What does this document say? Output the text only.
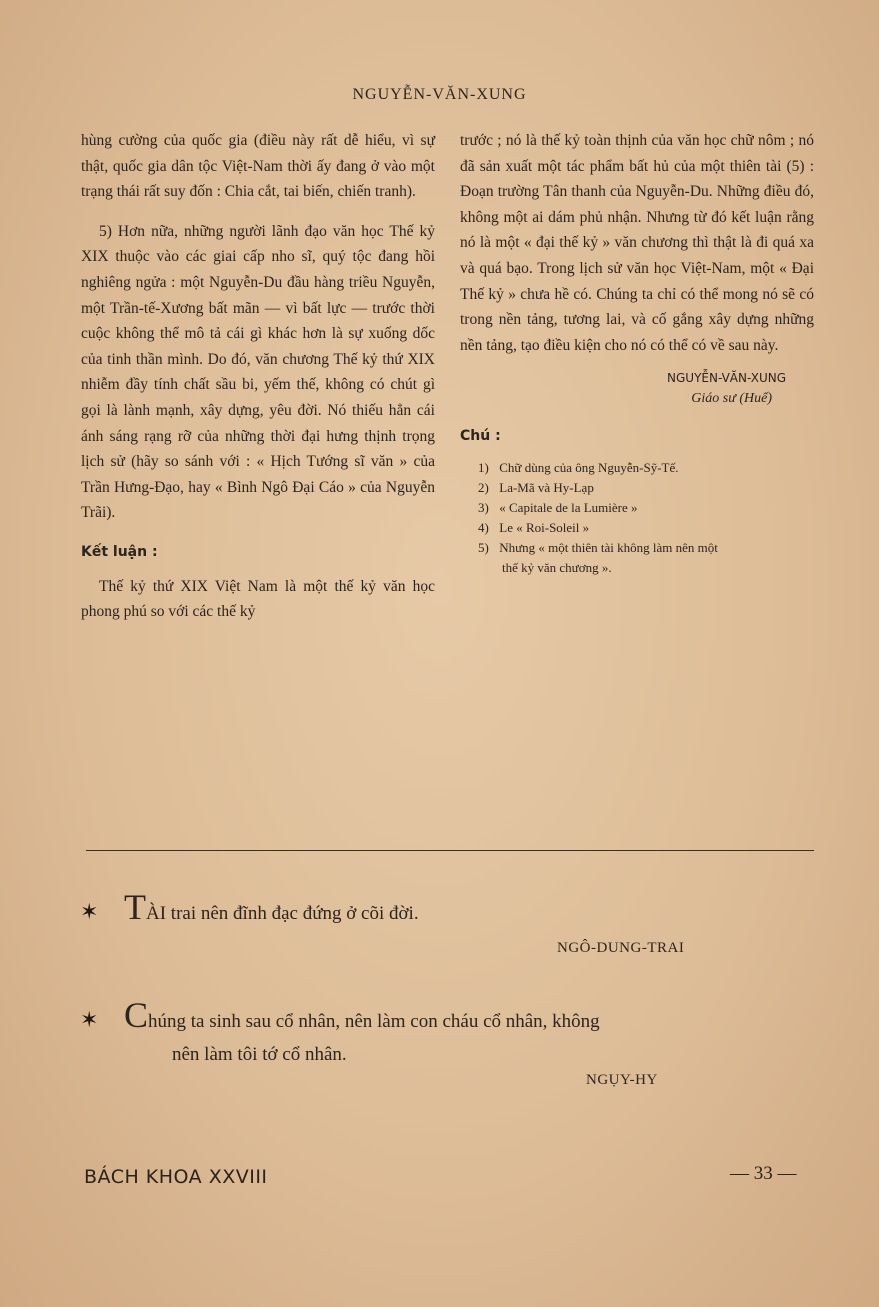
NGUYỄN-VĂN-XUNG

hùng cường của quốc gia (điều này rất dễ hiểu, vì sự thật, quốc gia dân tộc Việt-Nam thời ấy đang ở vào một trạng thái rất suy đốn : Chia cắt, tai biến, chiến tranh).

5) Hơn nữa, những người lãnh đạo văn học Thế kỷ XIX thuộc vào các giai cấp nho sĩ, quý tộc đang hồi nghiêng ngửa : một Nguyễn-Du đầu hàng triều Nguyễn, một Trần-tế-Xương bất mãn — vì bất lực — trước thời cuộc không thể mô tả cái gì khác hơn là sự xuống dốc của tinh thần mình. Do đó, văn chương Thế kỷ thứ XIX nhiễm đầy tính chất sầu bi, yếm thế, không có chút gì gọi là lành mạnh, xây dựng, yêu đời. Nó thiếu hẳn cái ánh sáng rạng rỡ của những thời đại hưng thịnh trọng lịch sử (hãy so sánh với : « Hịch Tướng sĩ văn » của Trần Hưng-Đạo, hay « Bình Ngô Đại Cáo » của Nguyễn Trãi).

Kết luận :

Thế kỷ thứ XIX Việt Nam là một thế kỷ văn học phong phú so với các thế kỷ

trước ; nó là thế kỷ toàn thịnh của văn học chữ nôm ; nó đã sản xuất một tác phẩm bất hủ của một thiên tài (5) : Đoạn trường Tân thanh của Nguyễn-Du. Những điều đó, không một ai dám phủ nhận. Nhưng từ đó kết luận rằng nó là một « đại thế kỷ » văn chương thì thật là đi quá xa và quá bạo. Trong lịch sử văn học Việt-Nam, một « Đại Thế kỷ » chưa hề có. Chúng ta chỉ có thể mong nó sẽ có trong nền tảng, tương lai, và cố gắng xây dựng những nền tảng, tạo điều kiện cho nó có thể có về sau này.

NGUYỄN-VĂN-XUNG
Giáo sư (Huế)
Chú :
1) Chữ dùng của ông Nguyễn-Sỹ-Tế.
2) La-Mã và Hy-Lạp
3) « Capitale de la Lumière »
4) Le « Roi-Soleil »
5) Nhưng « một thiên tài không làm nên một
thế kỷ văn chương ».
✶ TÀI trai nên đĩnh đạc đứng ở cõi đời.
NGÔ-DUNG-TRAI
✶ Chúng ta sinh sau cổ nhân, nên làm con cháu cổ nhân, không
nên làm tôi tớ cổ nhân.
NGỤY-HY
BÁCH KHOA XXVIII	— 33 —
